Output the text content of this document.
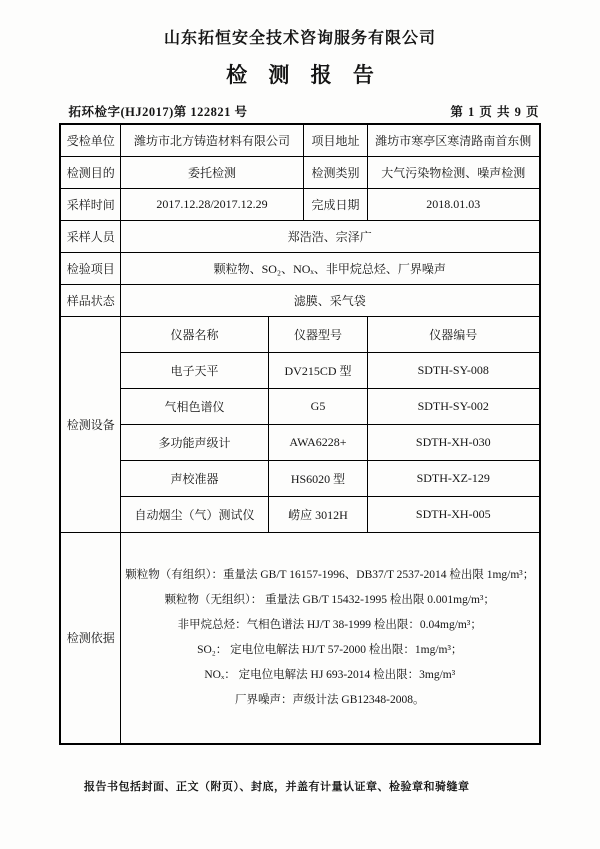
山东拓恒安全技术咨询服务有限公司
检 测 报 告
拓环检字(HJ2017)第 122821 号	第 1 页 共 9 页
受检单位	潍坊市北方铸造材料有限公司		项目地址	潍坊市寒亭区寒清路南首东侧
检测目的	委托检测		检测类别	大气污染物检测、噪声检测
采样时间	2017.12.28/2017.12.29		完成日期	2018.01.03
采样人员	郑浩浩、宗泽广			
检验项目	颗粒物、SO₂、NOₓ、非甲烷总烃、厂界噪声			
样品状态	滤膜、采气袋			
检测设备	仪器名称	仪器型号		仪器编号
	电子天平	DV215CD 型		SDTH-SY-008
	气相色谱仪	G5		SDTH-SY-002
	多功能声级计	AWA6228+		SDTH-XH-030
	声校准器	HS6020 型		SDTH-XZ-129
	自动烟尘（气）测试仪	崂应 3012H		SDTH-XH-005
检测依据	
颗粒物（有组织）：重量法 GB/T 16157-1996、DB37/T 2537-2014 检出限 1mg/m³；
颗粒物（无组织）： 重量法 GB/T 15432-1995 检出限 0.001mg/m³；
非甲烷总烃：气相色谱法 HJ/T 38-1999 检出限：0.04mg/m³；
SO₂： 定电位电解法 HJ/T 57-2000 检出限：1mg/m³；
NOₓ： 定电位电解法 HJ 693-2014 检出限：3mg/m³
厂界噪声：声级计法 GB12348-2008。
报告书包括封面、正文（附页）、封底，并盖有计量认证章、检验章和骑缝章
